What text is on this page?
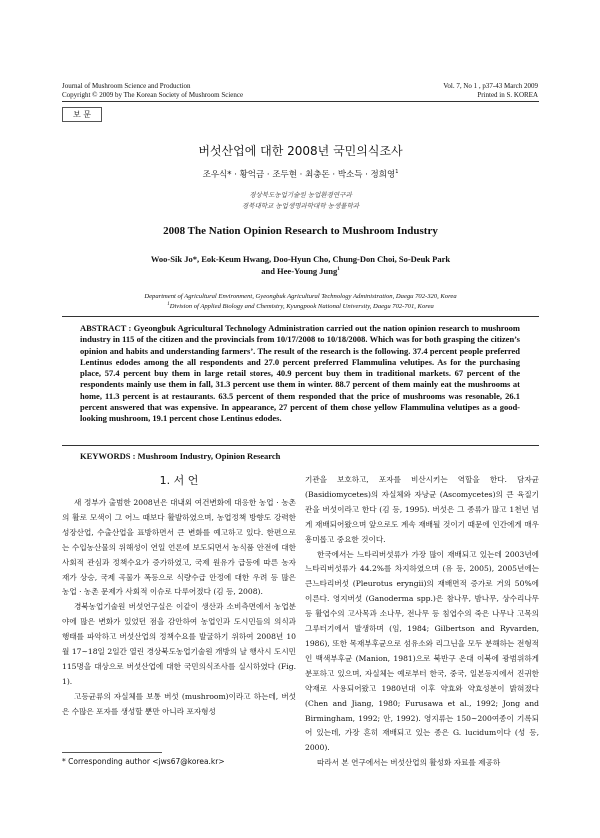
Journal of Mushroom Science and Production
Copyright © 2009 by The Korean Society of Mushroom Science
Vol. 7, No 1 , p37-43 March 2009
Printed in S. KOREA
보 문
버섯산업에 대한 2008년 국민의식조사
조우식* · 황억금 · 조두현 · 최충돈 · 박소득 · 정희영$^1$
경상북도농업기술원 농업환경연구과
경북대학교 농업생명과학대학 농생물학과
2008 The Nation Opinion Research to Mushroom Industry
Woo-Sik Jo*, Eok-Keum Hwang, Doo-Hyun Cho, Chung-Don Choi, So-Deuk Park
and Hee-Young Jung$^1$
Department of Agricultural Environment, Gyeongbuk Agricultural Technology Administration, Daegu 702-320, Korea
$^1$Division of Applied Biology and Chemistry, Kyungpook National University, Daegu 702-701, Korea
ABSTRACT : Gyeongbuk Agricultural Technology Administration carried out the nation opinion research to mushroom industry in 115 of the citizen and the provincials from 10/17/2008 to 10/18/2008. Which was for both grasping the citizen’s opinion and habits and understanding farmers’. The result of the research is the following. 37.4 percent people preferred Lentinus edodes among the all respondents and 27.0 percent preferred Flammulina velutipes. As for the purchasing place, 57.4 percent buy them in large retail stores, 40.9 percent buy them in traditional markets. 67 percent of the respondents mainly use them in fall, 31.3 percent use them in winter. 88.7 percent of them mainly eat the mushrooms at home, 11.3 percent is at restaurants. 63.5 percent of them responded that the price of mushrooms was resonable, 26.1 percent answered that was expensive. In appearance, 27 percent of them chose yellow Flammulina velutipes as a good-looking mushroom, 19.1 percent chose Lentinus edodes.
KEYWORDS : Mushroom Industry, Opinion Research
1. 서 언

새 정부가 출범한 2008년은 대내외 여건변화에 대응한 농업 · 농촌의 활로 모색이 그 어느 때보다 활발하였으며, 농업정책 방향도 강력한 성장산업, 수출산업을 표방하면서 큰 변화를 예고하고 있다. 한편으로는 수입농산물의 위해성이 연일 언론에 보도되면서 농식품 안전에 대한 사회적 관심과 정책수요가 증가하였고, 국제 원유가 급등에 따른 농자재가 상승, 국제 곡물가 폭등으로 식량수급 안정에 대한 우려 등 많은 농업 · 농촌 문제가 사회적 이슈로 다루어졌다 (김 등, 2008).

경북농업기술원 버섯연구실은 이같이 생산과 소비측면에서 농업분야에 많은 변화가 있었던 점을 감안하여 농업인과 도시민들의 의식과 행태를 파악하고 버섯산업의 정책수요를 발굴하기 위하여 2008년 10월 17~18일 2일간 열린 경상북도농업기술원 개방의 날 행사시 도시민 115명을 대상으로 버섯산업에 대한 국민의식조사를 실시하였다 (Fig. 1).

고등균류의 자실체를 보통 버섯 (mushroom)이라고 하는데, 버섯은 수많은 포자를 생성할 뿐만 아니라 포자형성

기관을 보호하고, 포자를 비산시키는 역할을 한다. 담자균 (Basidiomycetes)의 자실체와 자낭균 (Ascomycetes)의 큰 육질기관을 버섯이라고 한다 (김 등, 1995). 버섯은 그 종류가 많고 1천년 넘게 재배되어왔으며 앞으로도 계속 재배될 것이기 때문에 인간에게 매우 흥미롭고 중요한 것이다.

한국에서는 느타리버섯류가 가장 많이 재배되고 있는데 2003년에 느타리버섯류가 44.2%를 차지하였으며 (유 등, 2005), 2005년에는 큰느타리버섯 (Pleurotus eryngii)의 재배면적 증가로 거의 50%에 이른다. 영지버섯 (Ganoderma spp.)은 참나무, 밤나무, 상수리나무 등 활엽수의 고사목과 소나무, 전나무 등 침엽수의 죽은 나무나 고목의 그루터기에서 발생하며 (임, 1984; Gilbertson and Ryvarden, 1986), 또한 목재부후균으로 섬유소와 리그닌을 모두 분해하는 전형적인 백색부후균 (Manion, 1981)으로 북반구 온대 이북에 광범위하게 분포하고 있으며, 자실체는 예로부터 한국, 중국, 일본등지에서 진귀한 약재로 사용되어왔고 1980년대 이후 약효와 약효성분이 밝혀졌다 (Chen and Jiang, 1980; Furusawa et al., 1992; Jong and Birmingham, 1992; 안, 1992). 영지류는 150~200여종이 기록되어 있는데, 가장 흔히 재배되고 있는 종은 G. lucidum이다 (성 등, 2000).

따라서 본 연구에서는 버섯산업의 활성화 자료를 제공하

* Corresponding author <jws67@korea.kr>
